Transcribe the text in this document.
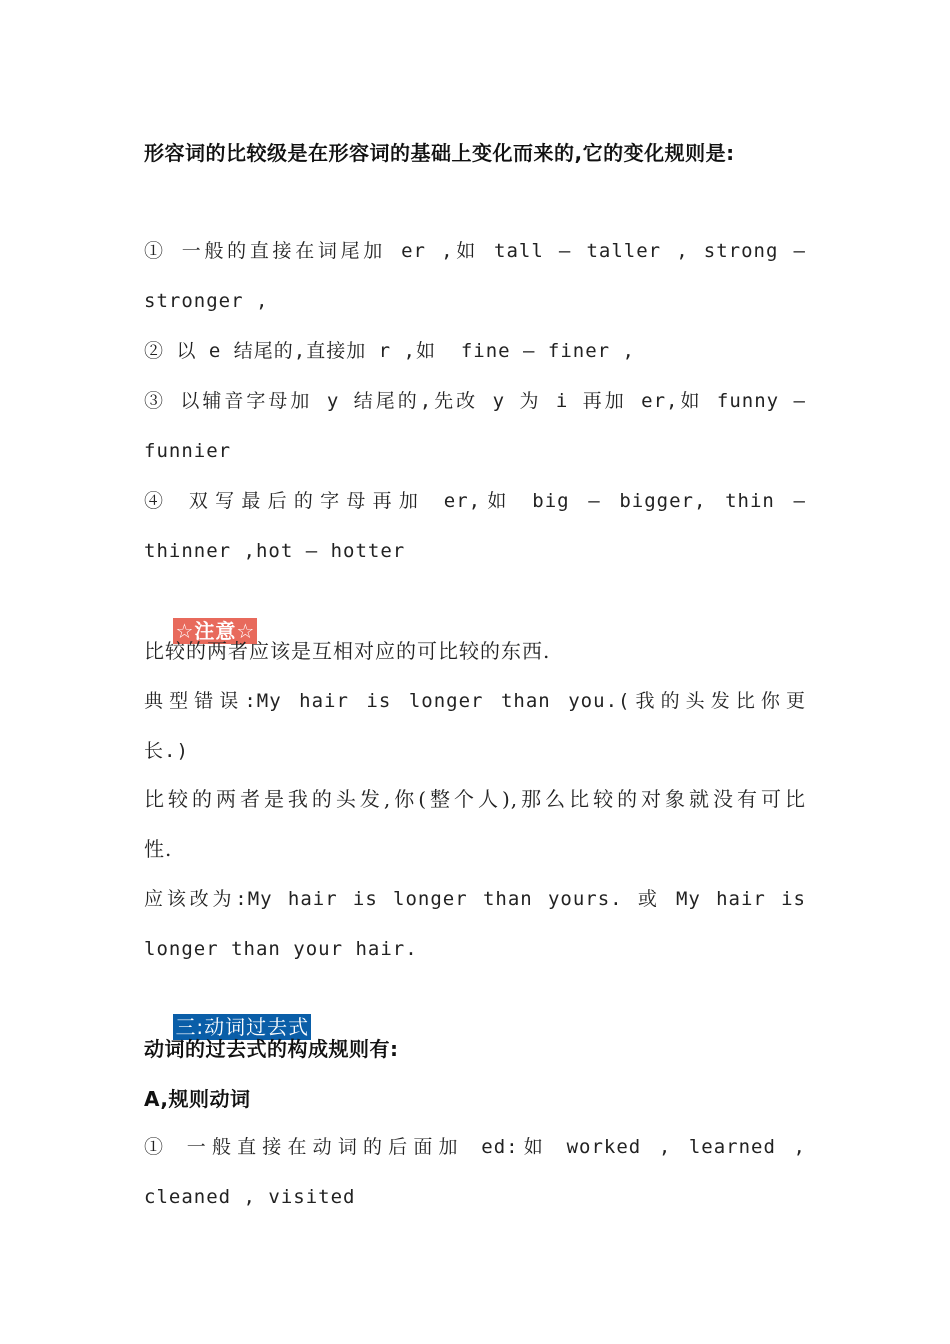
形容词的比较级是在形容词的基础上变化而来的,它的变化规则是:
① 一般的直接在词尾加 er ,如 tall – taller , strong –
stronger ,
② 以 e 结尾的,直接加 r ,如  fine – finer ,
③ 以辅音字母加 y 结尾的,先改 y 为 i 再加 er,如 funny –
funnier
④ 双写最后的字母再加 er,如 big – bigger, thin –
thinner ,hot – hotter

☆注意☆

比较的两者应该是互相对应的可比较的东西.
典型错误:My hair is longer than you.(我的头发比你更
长.)
比较的两者是我的头发,你(整个人),那么比较的对象就没有可比
性.
应该改为:My hair is longer than yours. 或 My hair is
longer than your hair.

三:动词过去式

动词的过去式的构成规则有:
A,规则动词
① 一般直接在动词的后面加 ed:如 worked , learned ,
cleaned , visited
